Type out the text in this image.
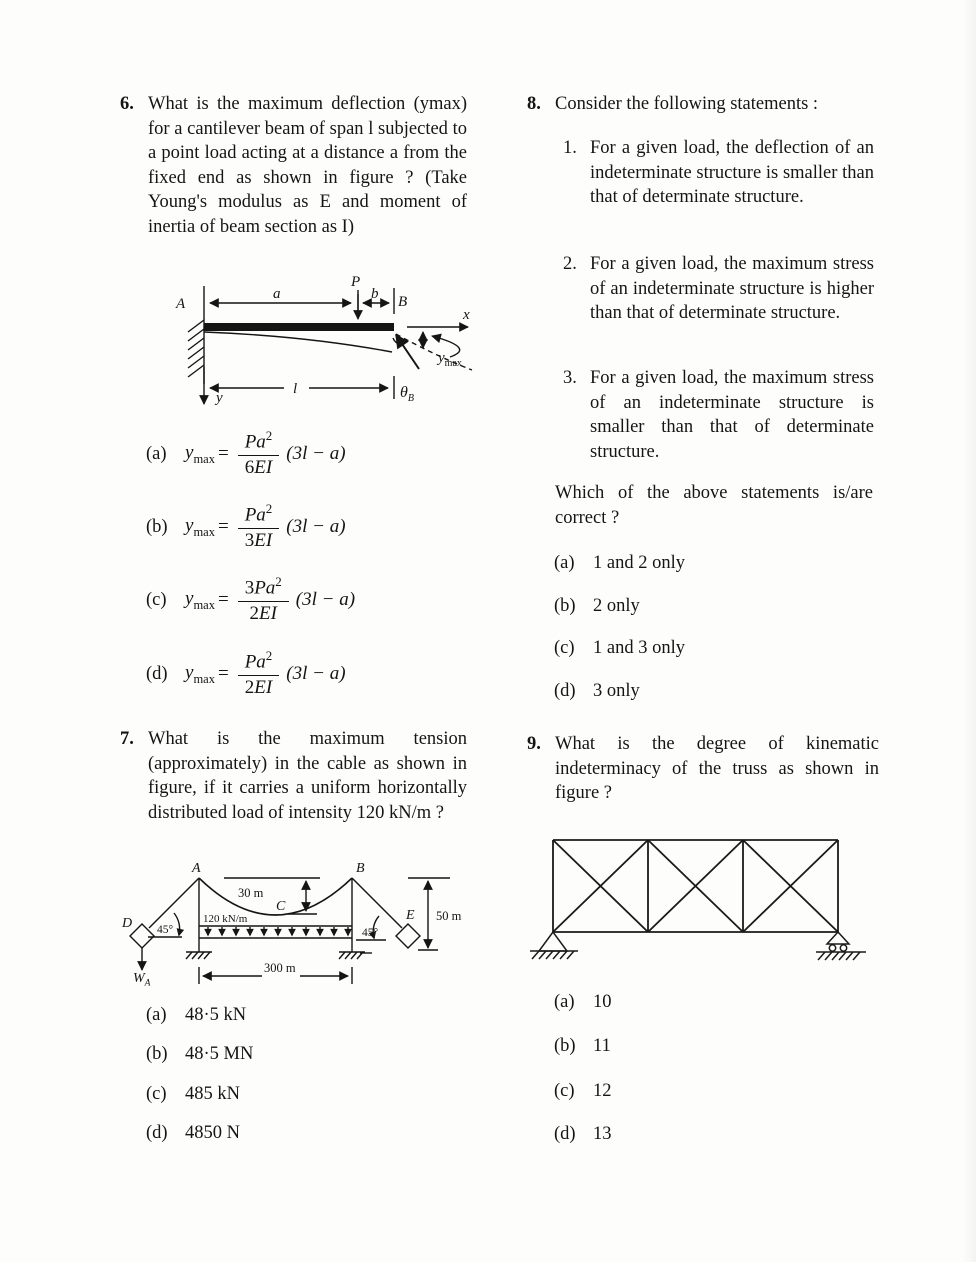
6. What is the maximum deflection (ymax) for a cantilever beam of span l subjected to a point load acting at a distance a from the fixed end as shown in figure ? (Take Young's modulus as E and moment of inertia of beam section as I)
A
P
a	b B
x
y
l	$\theta_B$
$y_{max}$
(a) $y_{max} = \frac{Pa^2}{6EI} (3l - a)$
(b) $y_{max} = \frac{Pa^2}{3EI} (3l - a)$
(c) $y_{max} = \frac{3Pa^2}{2EI} (3l - a)$
(d) $y_{max} = \frac{Pa^2}{2EI} (3l - a)$
7. What is the maximum tension (approximately) in the cable as shown in figure, if it carries a uniform horizontally distributed load of intensity 120 kN/m ?
A	B
C
D
E
45°	45°
30 m
50 m
120 kN/m
300 m
$W_A$
(a) 48·5 kN
(b) 48·5 MN
(c) 485 kN
(d) 4850 N
8. Consider the following statements :
1. For a given load, the deflection of an indeterminate structure is smaller than that of determinate structure.
2. For a given load, the maximum stress of an indeterminate structure is higher than that of determinate structure.
3. For a given load, the maximum stress of an indeterminate structure is smaller than that of determinate structure.
Which of the above statements is/are correct ?
(a) 1 and 2 only
(b) 2 only
(c) 1 and 3 only
(d) 3 only
9. What is the degree of kinematic indeterminacy of the truss as shown in figure ?
(a) 10
(b) 11
(c) 12
(d) 13
